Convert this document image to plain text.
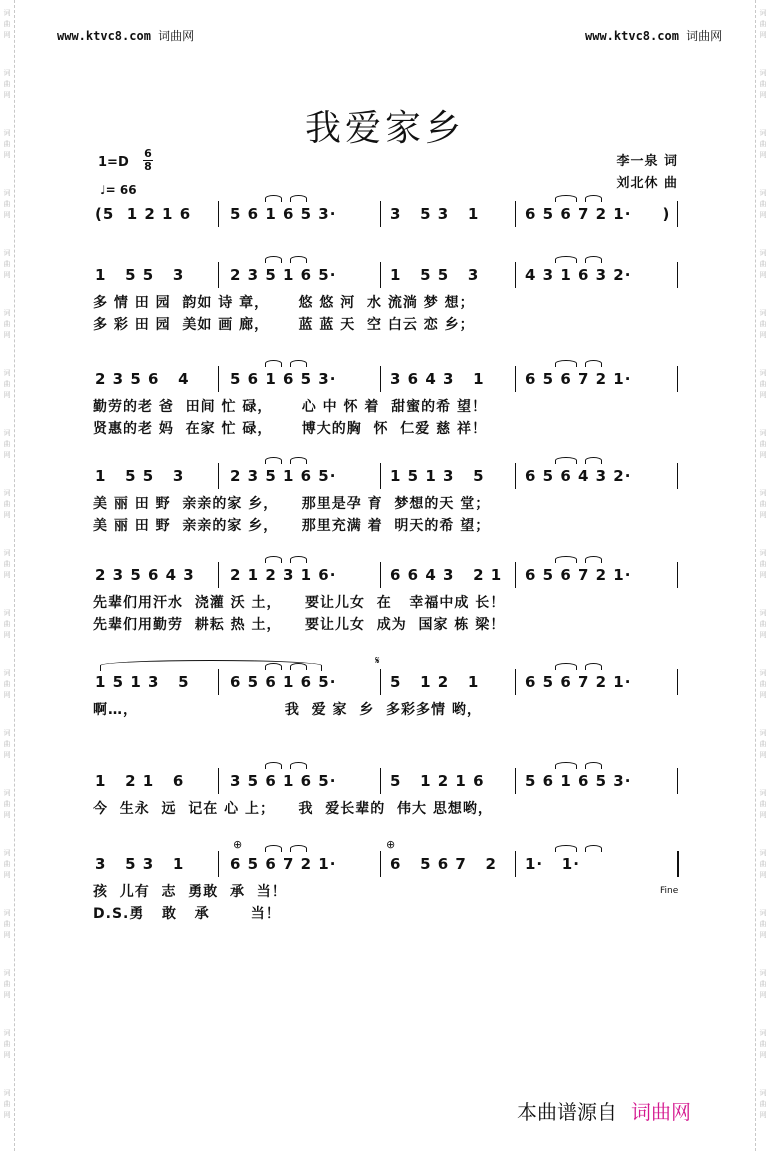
词曲网
词曲网
词曲网
词曲网
词曲网
词曲网
词曲网
词曲网
词曲网
词曲网
词曲网
词曲网
词曲网
词曲网
词曲网
词曲网
词曲网
词曲网
词曲网
词曲网
词曲网
词曲网
词曲网
词曲网
词曲网
词曲网
词曲网
词曲网
词曲网
词曲网
词曲网
词曲网
词曲网
词曲网
词曲网
词曲网
词曲网
词曲网
www.ktvc8.com 词曲网	www.ktvc8.com 词曲网
我爱家乡
1=D
6
8
♩= 66
李一泉 词
刘北休 曲
(5  1 2 1 6	5 6 1 6 5 3·	3   5 3   1	6 5 6 7 2 1·     )
1   5 5   3	2 3 5 1 6 5·	1   5 5   3	4 3 1 6 3 2·
多 情 田 园  韵如 诗 章，     悠 悠 河  水 流淌 梦 想；
多 彩 田 园  美如 画 廊，     蓝 蓝 天  空 白云 恋 乡；
2 3 5 6   4	5 6 1 6 5 3·	3 6 4 3   1	6 5 6 7 2 1·
勤劳的老 爸  田间 忙 碌，     心 中 怀 着  甜蜜的希 望！
贤惠的老 妈  在家 忙 碌，     博大的胸  怀  仁爱 慈 祥！
1   5 5   3	2 3 5 1 6 5·	1 5 1 3   5	6 5 6 4 3 2·
美 丽 田 野  亲亲的家 乡，    那里是孕 育  梦想的天 堂；
美 丽 田 野  亲亲的家 乡，    那里充满 着  明天的希 望；
2 3 5 6 4 3 2 1 2 3 1 6·	6 6 4 3   2 1 6 5 6 7 2 1·
先辈们用汗水  浇灌 沃 土，    要让儿女  在   幸福中成 长！
先辈们用勤劳  耕耘 热 土，    要让儿女  成为  国家 栋 梁！
1 5 1 3   5	6 5 6 1 6 5·	5   1 2   1	6 5 6 7 2 1·
啊…，                         我  爱 家  乡  多彩多情 哟，
1   2 1   6	3 5 6 1 6 5·	5   1 2 1 6	5 6 1 6 5 3·
今  生永  远  记在 心 上；    我  爱长辈的  伟大 思想哟，
3   5 3   1	6 5 6 7 2 1·	6   5 6 7   2 1·   1·
孩  儿有  志  勇敢  承  当！
D.S.勇   敢   承       当！
𝄋
⊕	⊕
Fine
本曲谱源自 词曲网
